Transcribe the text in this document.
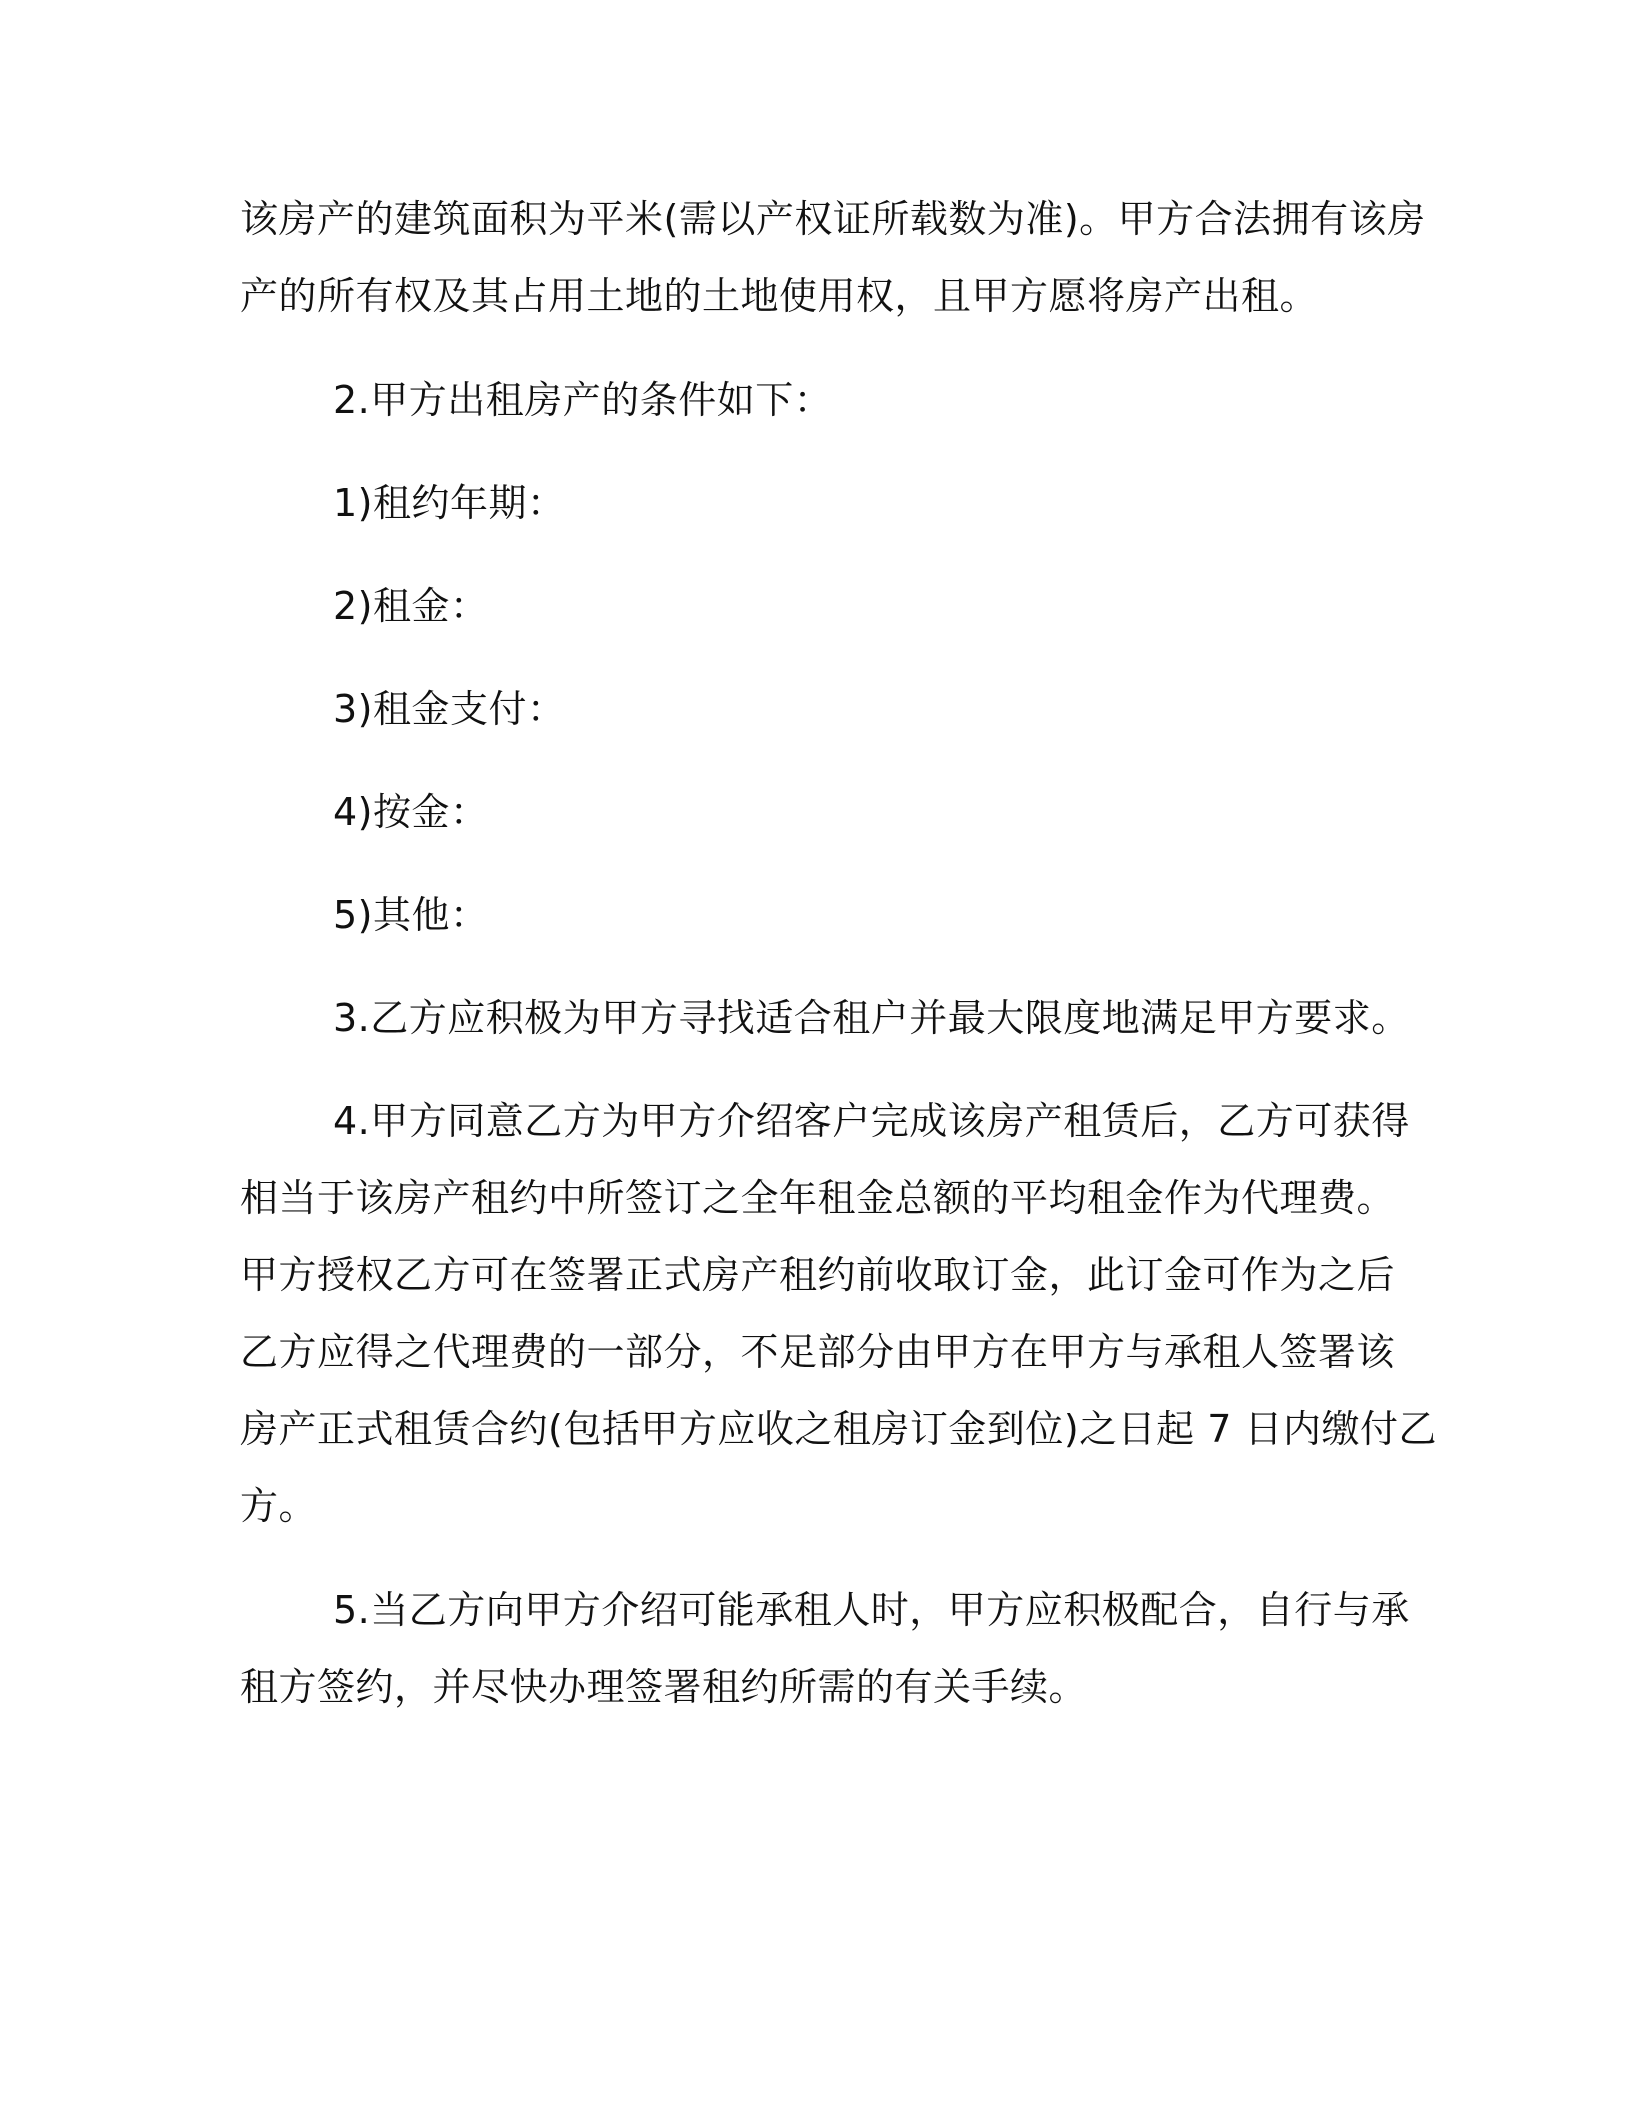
该房产的建筑面积为平米(需以产权证所载数为准)。甲方合法拥有该房
产的所有权及其占用土地的土地使用权，且甲方愿将房产出租。
2.甲方出租房产的条件如下：
1)租约年期：
2)租金：
3)租金支付：
4)按金：
5)其他：
3.乙方应积极为甲方寻找适合租户并最大限度地满足甲方要求。
4.甲方同意乙方为甲方介绍客户完成该房产租赁后，乙方可获得
相当于该房产租约中所签订之全年租金总额的平均租金作为代理费。
甲方授权乙方可在签署正式房产租约前收取订金，此订金可作为之后
乙方应得之代理费的一部分，不足部分由甲方在甲方与承租人签署该
房产正式租赁合约(包括甲方应收之租房订金到位)之日起 7 日内缴付乙
方。
5.当乙方向甲方介绍可能承租人时，甲方应积极配合，自行与承
租方签约，并尽快办理签署租约所需的有关手续。
